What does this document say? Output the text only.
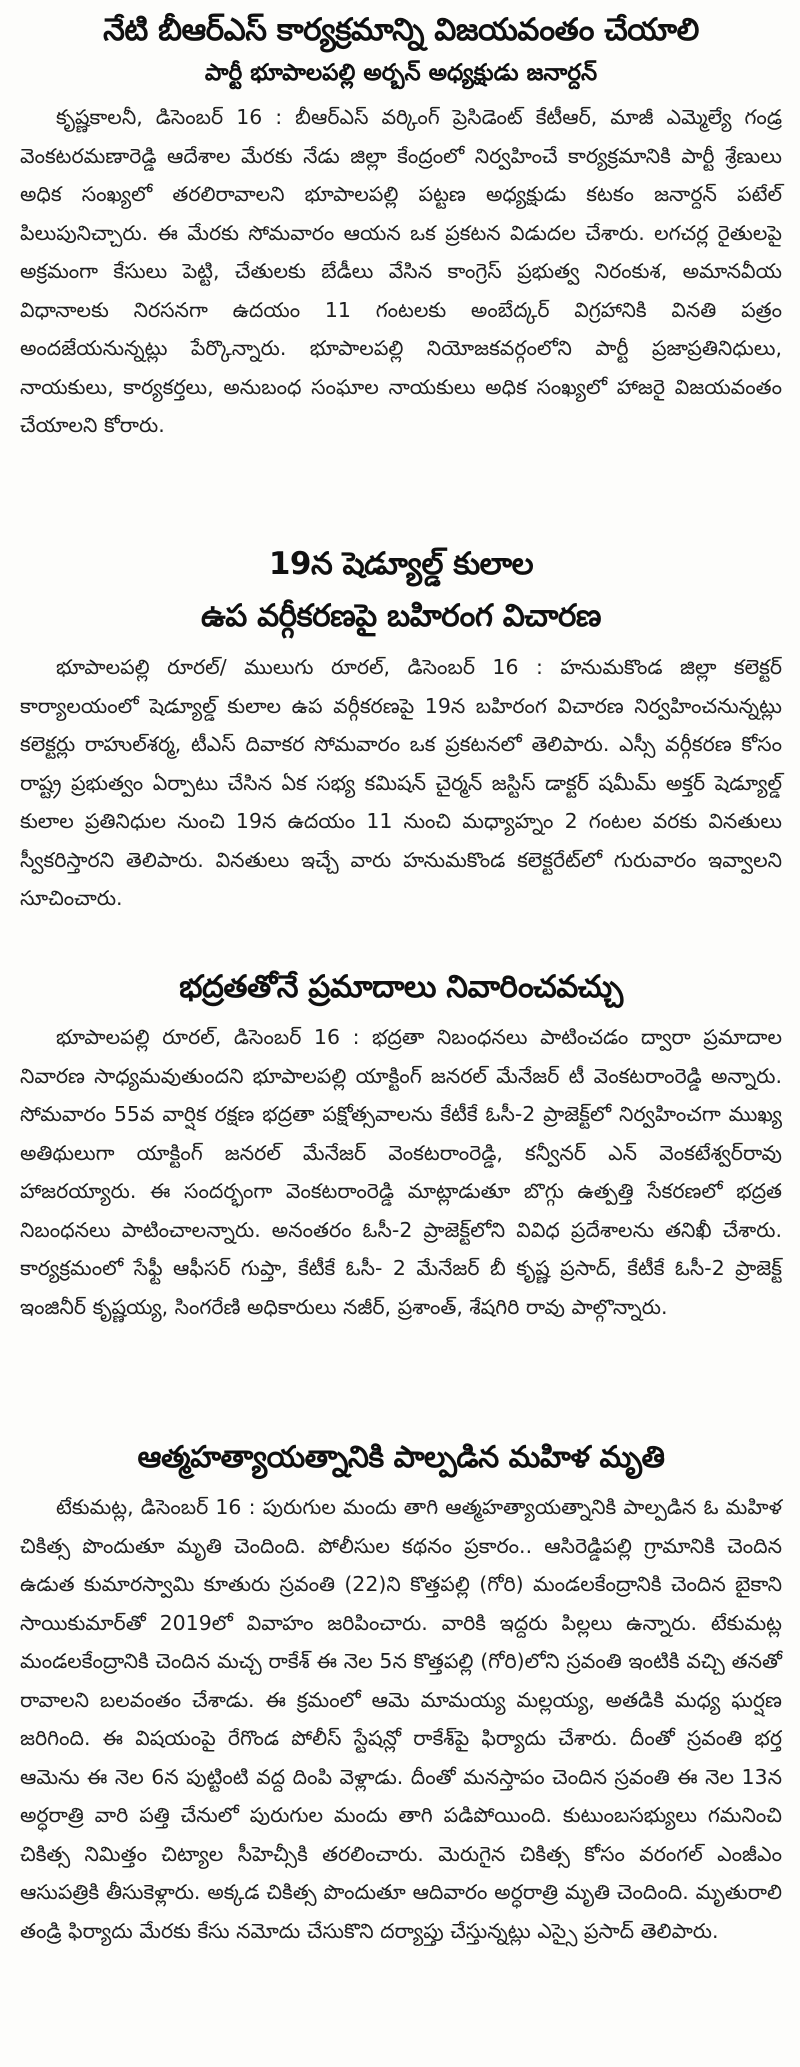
నేటి బీఆర్ఎస్ కార్యక్రమాన్ని విజయవంతం చేయాలి
పార్టీ భూపాలపల్లి అర్బన్ అధ్యక్షుడు జనార్దన్

కృష్ణకాలనీ, డిసెంబర్ 16 : బీఆర్ఎస్ వర్కింగ్ ప్రెసిడెంట్ కేటీఆర్, మాజీ ఎమ్మెల్యే గండ్ర వెంకటరమణారెడ్డి ఆదేశాల మేరకు నేడు జిల్లా కేంద్రంలో నిర్వహించే కార్యక్రమానికి పార్టీ శ్రేణులు అధిక సంఖ్యలో తరలిరావాలని భూపాలపల్లి పట్టణ అధ్యక్షుడు కటకం జనార్దన్ పటేల్ పిలుపునిచ్చారు. ఈ మేరకు సోమవారం ఆయన ఒక ప్రకటన విడుదల చేశారు. లగచర్ల రైతులపై అక్రమంగా కేసులు పెట్టి, చేతులకు బేడీలు వేసిన కాంగ్రెస్ ప్రభుత్వ నిరంకుశ, అమానవీయ విధానాలకు నిరసనగా ఉదయం 11 గంటలకు అంబేద్కర్ విగ్రహానికి వినతి పత్రం అందజేయనున్నట్లు పేర్కొన్నారు. భూపాలపల్లి నియోజకవర్గంలోని పార్టీ ప్రజాప్రతినిధులు, నాయకులు, కార్యకర్తలు, అనుబంధ సంఘాల నాయకులు అధిక సంఖ్యలో హాజరై విజయవంతం చేయాలని కోరారు.

19న షెడ్యూల్డ్ కులాల
ఉప వర్గీకరణపై బహిరంగ విచారణ

భూపాలపల్లి రూరల్/ ములుగు రూరల్, డిసెంబర్ 16 : హనుమకొండ జిల్లా కలెక్టర్ కార్యాలయంలో షెడ్యూల్డ్ కులాల ఉప వర్గీకరణపై 19న బహిరంగ విచారణ నిర్వహించనున్నట్లు కలెక్టర్లు రాహుల్‌శర్మ, టీఎస్ దివాకర సోమవారం ఒక ప్రకటనలో తెలిపారు. ఎస్సీ వర్గీకరణ కోసం రాష్ట్ర ప్రభుత్వం ఏర్పాటు చేసిన ఏక సభ్య కమిషన్ చైర్మన్ జస్టిస్ డాక్టర్ షమీమ్ అక్తర్ షెడ్యూల్డ్ కులాల ప్రతినిధుల నుంచి 19న ఉదయం 11 నుంచి మధ్యాహ్నం 2 గంటల వరకు వినతులు స్వీకరిస్తారని తెలిపారు. వినతులు ఇచ్చే వారు హనుమకొండ కలెక్టరేట్‌లో గురువారం ఇవ్వాలని సూచించారు.

భద్రతతోనే ప్రమాదాలు నివారించవచ్చు

భూపాలపల్లి రూరల్, డిసెంబర్ 16 : భద్రతా నిబంధనలు పాటించడం ద్వారా ప్రమాదాల నివారణ సాధ్యమవుతుందని భూపాలపల్లి యాక్టింగ్ జనరల్ మేనేజర్ టీ వెంకటరాంరెడ్డి అన్నారు. సోమవారం 55వ వార్షిక రక్షణ భద్రతా పక్షోత్సవాలను కేటీకే ఓసీ-2 ప్రాజెక్ట్‌లో నిర్వహించగా ముఖ్య అతిథులుగా యాక్టింగ్ జనరల్ మేనేజర్ వెంకటరాంరెడ్డి, కన్వీనర్ ఎన్ వెంకటేశ్వర్‌రావు హాజరయ్యారు. ఈ సందర్భంగా వెంకటరాంరెడ్డి మాట్లాడుతూ బొగ్గు ఉత్పత్తి సేకరణలో భద్రత నిబంధనలు పాటించాలన్నారు. అనంతరం ఓసీ-2 ప్రాజెక్ట్‌లోని వివిధ ప్రదేశాలను తనిఖీ చేశారు. కార్యక్రమంలో సేఫ్టీ ఆఫీసర్ గుప్తా, కేటీకే ఓసీ- 2 మేనేజర్ బీ కృష్ణ ప్రసాద్, కేటీకే ఓసీ-2 ప్రాజెక్ట్ ఇంజినీర్ కృష్ణయ్య, సింగరేణి అధికారులు నజీర్, ప్రశాంత్, శేషగిరి రావు పాల్గొన్నారు.

ఆత్మహత్యాయత్నానికి పాల్పడిన మహిళ మృతి

టేకుమట్ల, డిసెంబర్ 16 : పురుగుల మందు తాగి ఆత్మహత్యాయత్నానికి పాల్పడిన ఓ మహిళ చికిత్స పొందుతూ మృతి చెందింది. పోలీసుల కథనం ప్రకారం.. ఆసిరెడ్డిపల్లి గ్రామానికి చెందిన ఉడుత కుమారస్వామి కూతురు స్రవంతి (22)ని కొత్తపల్లి (గోరి) మండలకేంద్రానికి చెందిన బైకాని సాయికుమార్‌తో 2019లో వివాహం జరిపించారు. వారికి ఇద్దరు పిల్లలు ఉన్నారు. టేకుమట్ల మండలకేంద్రానికి చెందిన మచ్చ రాకేశ్ ఈ నెల 5న కొత్తపల్లి (గోరి)లోని స్రవంతి ఇంటికి వచ్చి తనతో రావాలని బలవంతం చేశాడు. ఈ క్రమంలో ఆమె మామయ్య మల్లయ్య, అతడికి మధ్య ఘర్షణ జరిగింది. ఈ విషయంపై రేగొండ పోలీస్ స్టేషన్లో రాకేశ్‌పై ఫిర్యాదు చేశారు. దీంతో స్రవంతి భర్త ఆమెను ఈ నెల 6న పుట్టింటి వద్ద దింపి వెళ్లాడు. దీంతో మనస్తాపం చెందిన స్రవంతి ఈ నెల 13న అర్ధరాత్రి వారి పత్తి చేనులో పురుగుల మందు తాగి పడిపోయింది. కుటుంబసభ్యులు గమనించి చికిత్స నిమిత్తం చిట్యాల సీహెచ్సీకి తరలించారు. మెరుగైన చికిత్స కోసం వరంగల్ ఎంజీఎం ఆసుపత్రికి తీసుకెళ్లారు. అక్కడ చికిత్స పొందుతూ ఆదివారం అర్ధరాత్రి మృతి చెందింది. మృతురాలి తండ్రి ఫిర్యాదు మేరకు కేసు నమోదు చేసుకొని దర్యాప్తు చేస్తున్నట్లు ఎస్సై ప్రసాద్ తెలిపారు.
